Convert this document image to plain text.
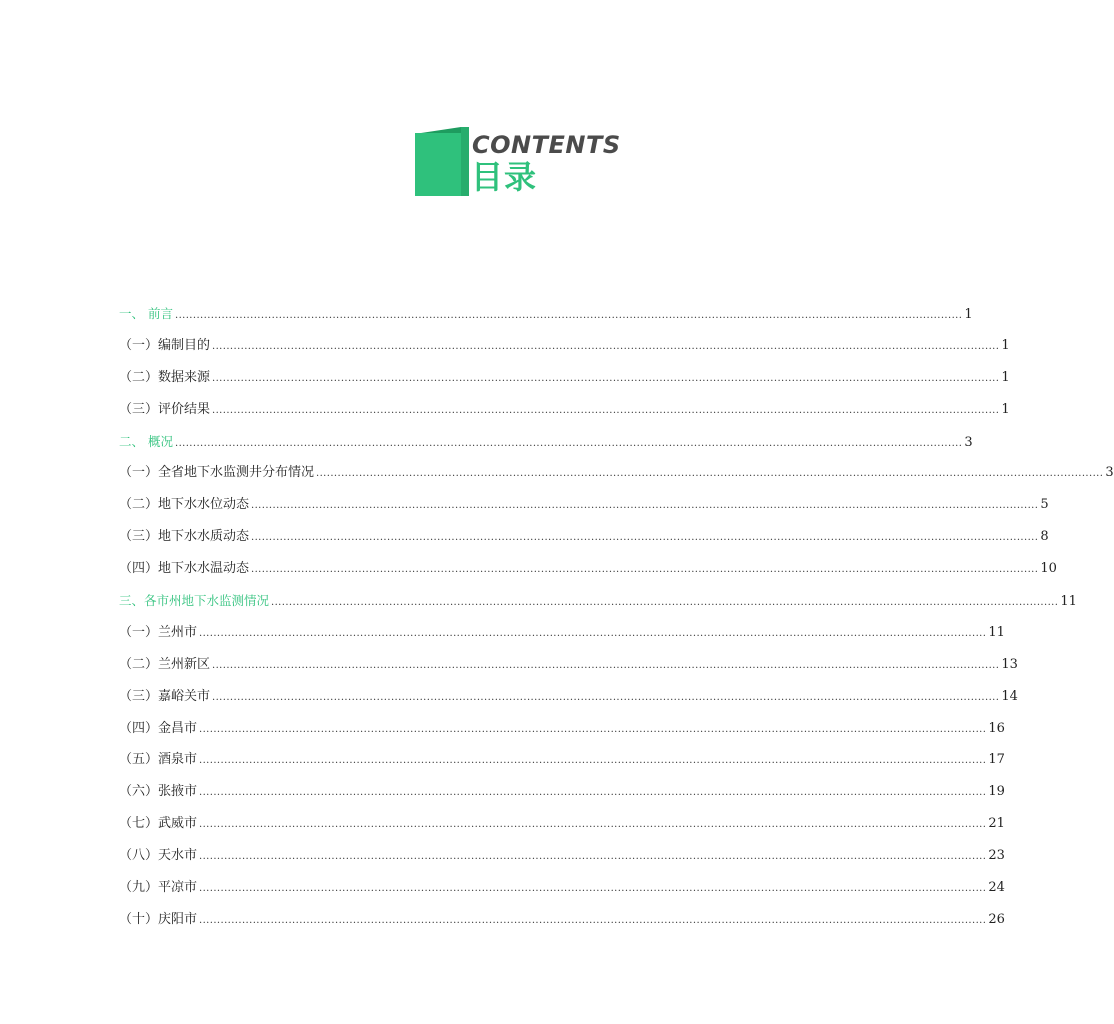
CONTENTS
目录
一、 前言 ............................................................................................................................................................................................................................ 1
（一）编制目的 ............................................................................................................................................................................................................................ 1
（二）数据来源 ............................................................................................................................................................................................................................ 1
（三）评价结果 ............................................................................................................................................................................................................................ 1
二、 概况 ............................................................................................................................................................................................................................ 3
（一）全省地下水监测井分布情况 ............................................................................................................................................................................................................................ 3
（二）地下水水位动态 ............................................................................................................................................................................................................................ 5
（三）地下水水质动态 ............................................................................................................................................................................................................................ 8
（四）地下水水温动态 ............................................................................................................................................................................................................................ 10
三、各市州地下水监测情况 ............................................................................................................................................................................................................................ 11
（一）兰州市 ............................................................................................................................................................................................................................ 11
（二）兰州新区 ............................................................................................................................................................................................................................ 13
（三）嘉峪关市 ............................................................................................................................................................................................................................ 14
（四）金昌市 ............................................................................................................................................................................................................................ 16
（五）酒泉市 ............................................................................................................................................................................................................................ 17
（六）张掖市 ............................................................................................................................................................................................................................ 19
（七）武威市 ............................................................................................................................................................................................................................ 21
（八）天水市 ............................................................................................................................................................................................................................ 23
（九）平凉市 ............................................................................................................................................................................................................................ 24
（十）庆阳市 ............................................................................................................................................................................................................................ 26
